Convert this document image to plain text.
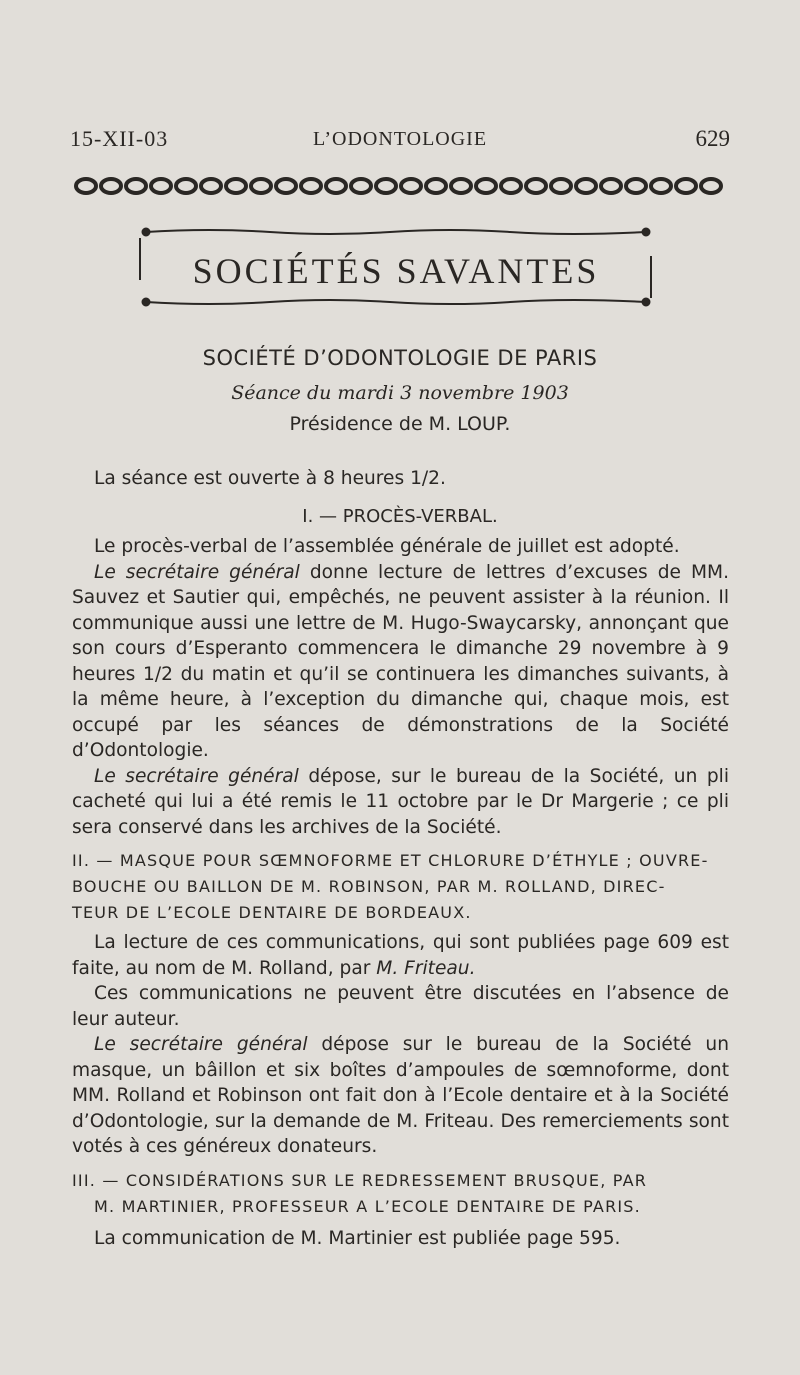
15-XII-03	L’ODONTOLOGIE	629
SOCIÉTÉS SAVANTES
SOCIÉTÉ D’ODONTOLOGIE DE PARIS
Séance du mardi 3 novembre 1903
Présidence de M. LOUP.

La séance est ouverte à 8 heures 1/2.

I. — PROCÈS-VERBAL.

Le procès-verbal de l’assemblée générale de juillet est adopté.

Le secrétaire général donne lecture de lettres d’excuses de MM. Sauvez et Sautier qui, empêchés, ne peuvent assister à la réunion. Il communique aussi une lettre de M. Hugo-Swaycarsky, annonçant que son cours d’Esperanto commencera le dimanche 29 novembre à 9 heures 1/2 du matin et qu’il se continuera les dimanches suivants, à la même heure, à l’exception du dimanche qui, chaque mois, est occupé par les séances de démonstrations de la Société d’Odontologie.

Le secrétaire général dépose, sur le bureau de la Société, un pli cacheté qui lui a été remis le 11 octobre par le Dr Margerie ; ce pli sera conservé dans les archives de la Société.

II. — MASQUE POUR SŒMNOFORME ET CHLORURE D’ÉTHYLE ; OUVRE-
BOUCHE OU BAILLON DE M. ROBINSON, PAR M. ROLLAND, DIREC-
TEUR DE L’ECOLE DENTAIRE DE BORDEAUX.

La lecture de ces communications, qui sont publiées page 609 est faite, au nom de M. Rolland, par M. Friteau.

Ces communications ne peuvent être discutées en l’absence de leur auteur.

Le secrétaire général dépose sur le bureau de la Société un masque, un bâillon et six boîtes d’ampoules de sœmnoforme, dont MM. Rolland et Robinson ont fait don à l’Ecole dentaire et à la Société d’Odontologie, sur la demande de M. Friteau. Des remerciements sont votés à ces généreux donateurs.

III. — CONSIDÉRATIONS SUR LE REDRESSEMENT BRUSQUE, PAR
M. MARTINIER, PROFESSEUR A L’ECOLE DENTAIRE DE PARIS.

La communication de M. Martinier est publiée page 595.
